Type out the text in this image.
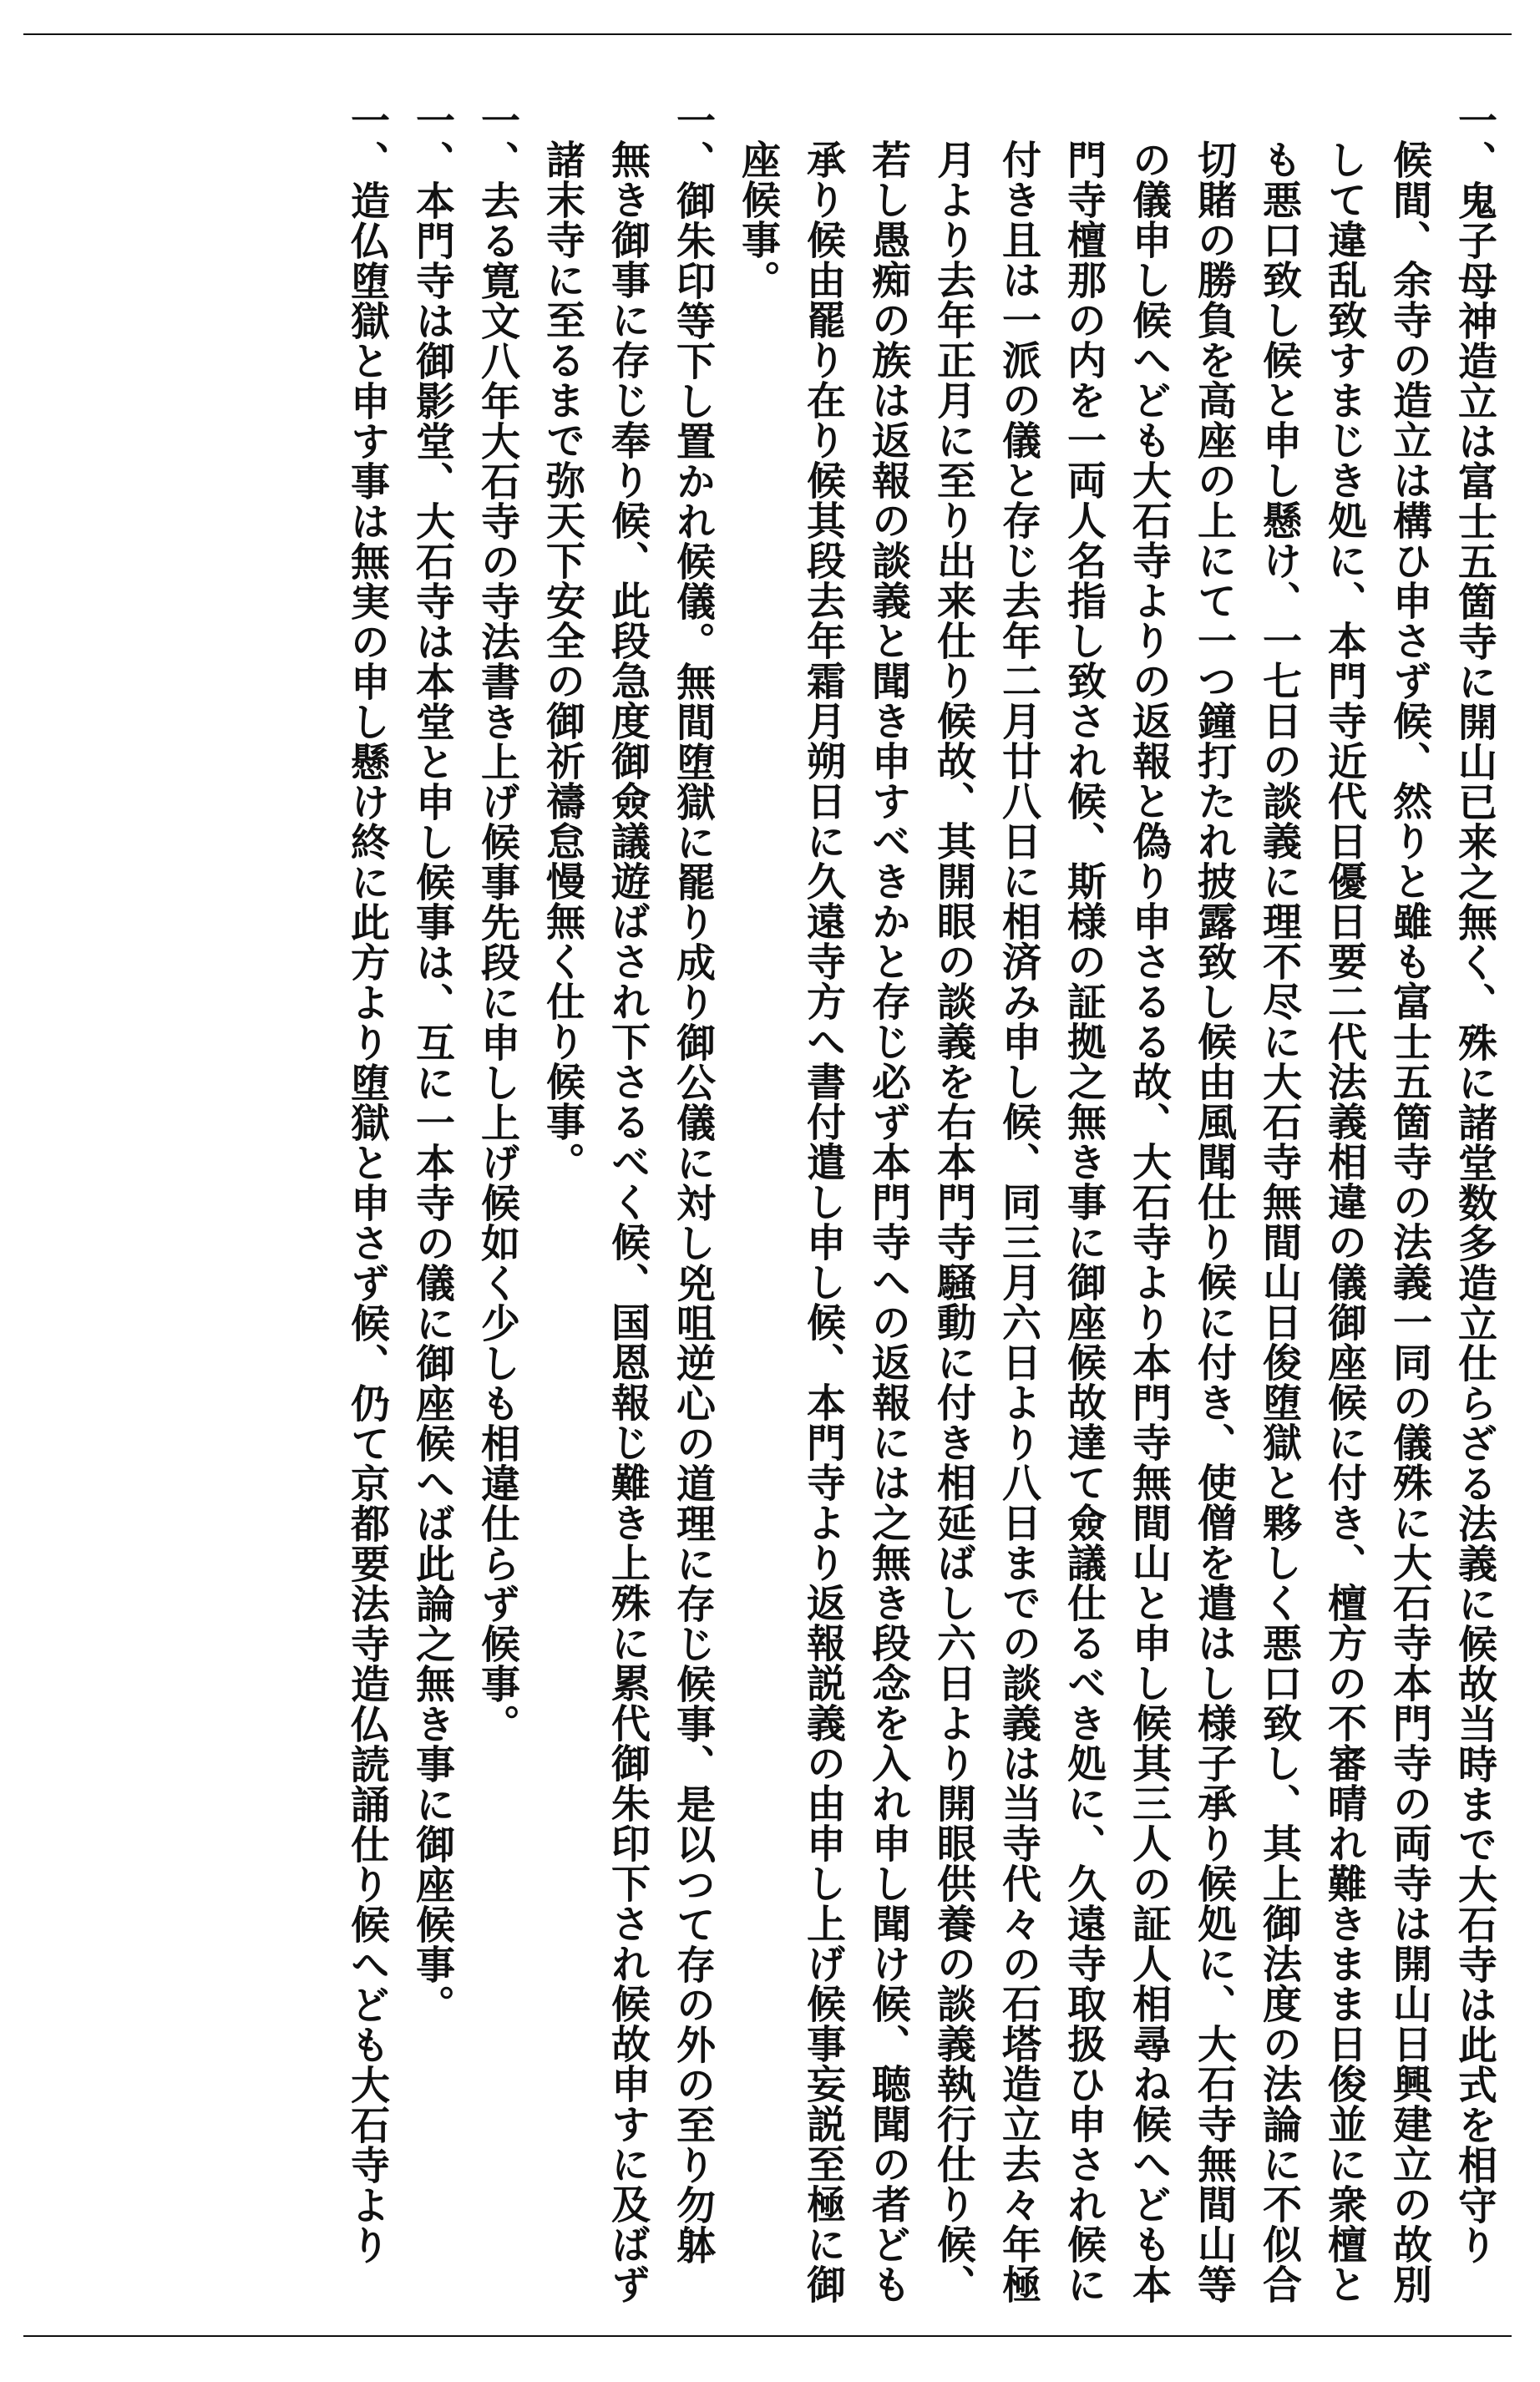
一、鬼子母神造立は富士五箇寺に開山已来之無く、殊に諸堂数多造立仕らざる法義に候故当時まで大石寺は此式を相守り

候間、余寺の造立は構ひ申さず候、然りと雖も富士五箇寺の法義一同の儀殊に大石寺本門寺の両寺は開山日興建立の故別

して違乱致すまじき処に、本門寺近代日優日要二代法義相違の儀御座候に付き、檀方の不審晴れ難きまま日俊並に衆檀と

も悪口致し候と申し懸け、一七日の談義に理不尽に大石寺無間山日俊堕獄と夥しく悪口致し、其上御法度の法論に不似合

切賭の勝負を高座の上にて一つ鐘打たれ披露致し候由風聞仕り候に付き、使僧を遣はし様子承り候処に、大石寺無間山等

の儀申し候へども大石寺よりの返報と偽り申さるる故、大石寺より本門寺無間山と申し候其三人の証人相尋ね候へども本

門寺檀那の内を一両人名指し致され候、斯様の証拠之無き事に御座候故達て僉議仕るべき処に、久遠寺取扱ひ申され候に

付き且は一派の儀と存じ去年二月廿八日に相済み申し候、同三月六日より八日までの談義は当寺代々の石塔造立去々年極

月より去年正月に至り出来仕り候故、其開眼の談義を右本門寺騒動に付き相延ばし六日より開眼供養の談義執行仕り候、

若し愚痴の族は返報の談義と聞き申すべきかと存じ必ず本門寺への返報には之無き段念を入れ申し聞け候、聴聞の者ども

承り候由罷り在り候其段去年霜月朔日に久遠寺方へ書付遣し申し候、本門寺より返報説義の由申し上げ候事妄説至極に御

座候事。

一、御朱印等下し置かれ候儀。無間堕獄に罷り成り御公儀に対し兇咀逆心の道理に存じ候事、是以つて存の外の至り勿躰

無き御事に存じ奉り候、此段急度御僉議遊ばされ下さるべく候、国恩報じ難き上殊に累代御朱印下され候故申すに及ばず

諸末寺に至るまで弥天下安全の御祈禱怠慢無く仕り候事。

一、去る寛文八年大石寺の寺法書き上げ候事先段に申し上げ候如く少しも相違仕らず候事。

一、本門寺は御影堂、大石寺は本堂と申し候事は、互に一本寺の儀に御座候へば此論之無き事に御座候事。

一、造仏堕獄と申す事は無実の申し懸け終に此方より堕獄と申さず候、仍て京都要法寺造仏読誦仕り候へども大石寺より
